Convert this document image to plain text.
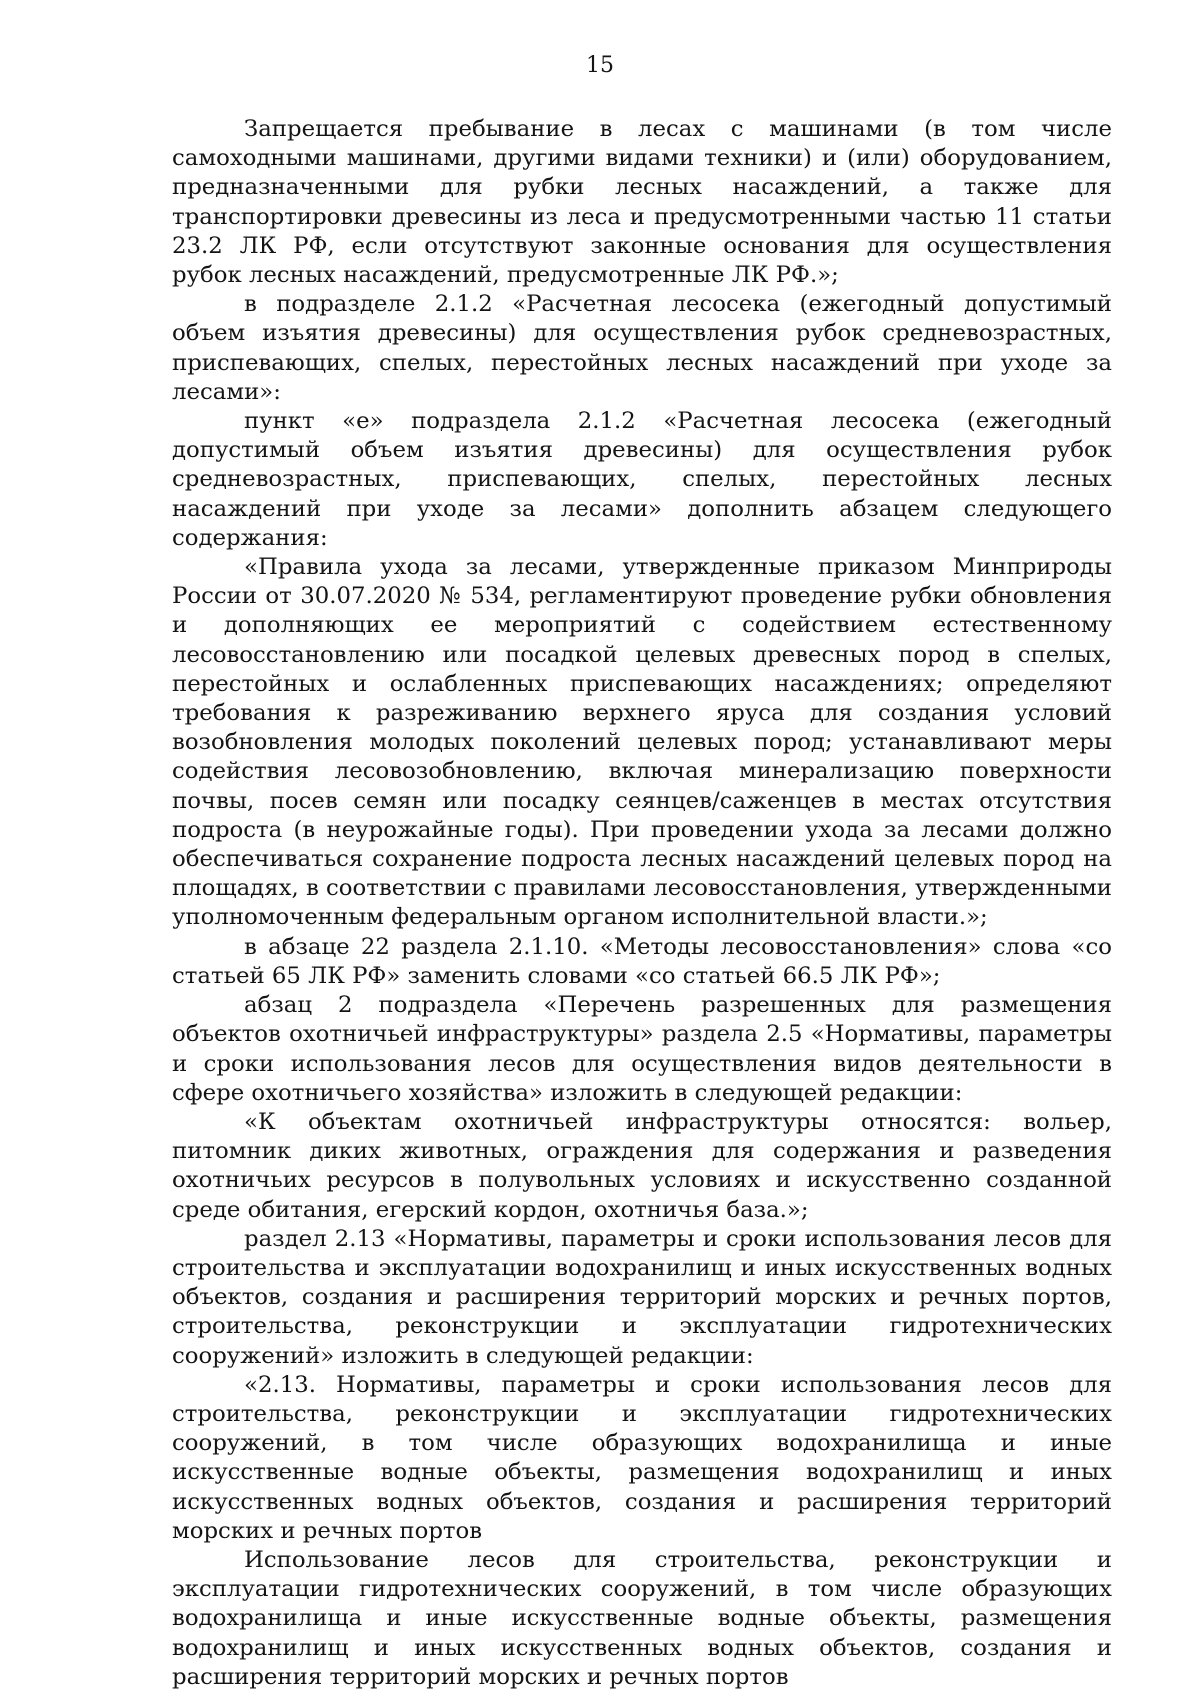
15

Запрещается пребывание в лесах с машинами (в том числе самоходными машинами, другими видами техники) и (или) оборудованием, предназначенными для рубки лесных насаждений, а также для транспортировки древесины из леса и предусмотренными частью 11 статьи 23.2 ЛК РФ, если отсутствуют законные основания для осуществления рубок лесных насаждений, предусмотренные ЛК РФ.»;

в подразделе 2.1.2 «Расчетная лесосека (ежегодный допустимый объем изъятия древесины) для осуществления рубок средневозрастных, приспевающих, спелых, перестойных лесных насаждений при уходе за лесами»:

пункт «е» подраздела 2.1.2 «Расчетная лесосека (ежегодный допустимый объем изъятия древесины) для осуществления рубок средневозрастных, приспевающих, спелых, перестойных лесных насаждений при уходе за лесами» дополнить абзацем следующего содержания:

«Правила ухода за лесами, утвержденные приказом Минприроды России от 30.07.2020 № 534, регламентируют проведение рубки обновления и дополняющих ее мероприятий с содействием естественному лесовосстановлению или посадкой целевых древесных пород в спелых, перестойных и ослабленных приспевающих насаждениях; определяют требования к разреживанию верхнего яруса для создания условий возобновления молодых поколений целевых пород; устанавливают меры содействия лесовозобновлению, включая минерализацию поверхности почвы, посев семян или посадку сеянцев/саженцев в местах отсутствия подроста (в неурожайные годы). При проведении ухода за лесами должно обеспечиваться сохранение подроста лесных насаждений целевых пород на площадях, в соответствии с правилами лесовосстановления, утвержденными уполномоченным федеральным органом исполнительной власти.»;

в абзаце 22 раздела 2.1.10. «Методы лесовосстановления» слова «со статьей 65 ЛК РФ» заменить словами «со статьей 66.5 ЛК РФ»;

абзац 2 подраздела «Перечень разрешенных для размещения объектов охотничьей инфраструктуры» раздела 2.5 «Нормативы, параметры и сроки использования лесов для осуществления видов деятельности в сфере охотничьего хозяйства» изложить в следующей редакции:

«К объектам охотничьей инфраструктуры относятся: вольер, питомник диких животных, ограждения для содержания и разведения охотничьих ресурсов в полувольных условиях и искусственно созданной среде обитания, егерский кордон, охотничья база.»;

раздел 2.13 «Нормативы, параметры и сроки использования лесов для строительства и эксплуатации водохранилищ и иных искусственных водных объектов, создания и расширения территорий морских и речных портов, строительства, реконструкции и эксплуатации гидротехнических сооружений» изложить в следующей редакции:

«2.13. Нормативы, параметры и сроки использования лесов для строительства, реконструкции и эксплуатации гидротехнических сооружений, в том числе образующих водохранилища и иные искусственные водные объекты, размещения водохранилищ и иных искусственных водных объектов, создания и расширения территорий морских и речных портов

Использование лесов для строительства, реконструкции и эксплуатации гидротехнических сооружений, в том числе образующих водохранилища и иные искусственные водные объекты, размещения водохранилищ и иных искусственных водных объектов, создания и расширения территорий морских и речных портов
